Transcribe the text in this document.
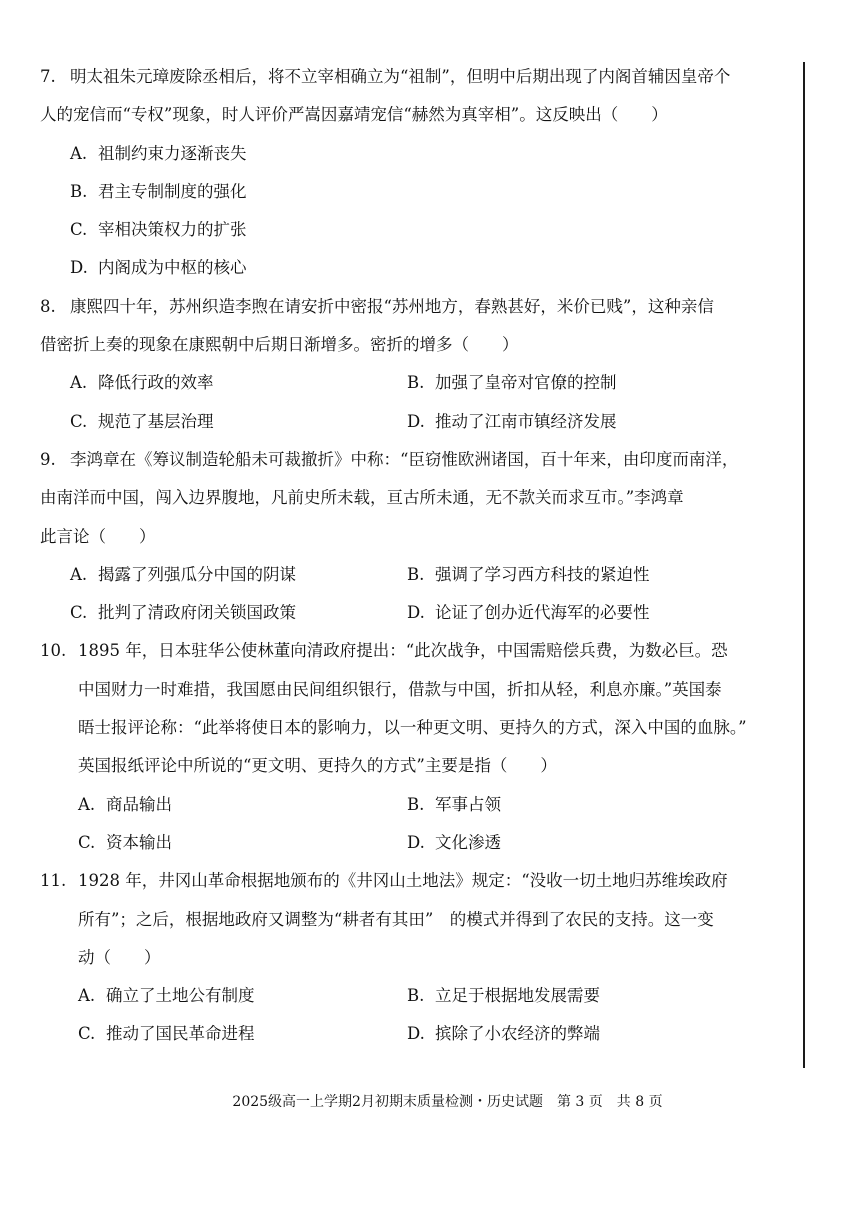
7. 明太祖朱元璋废除丞相后，将不立宰相确立为“祖制”，但明中后期出现了内阁首辅因皇帝个
人的宠信而“专权”现象，时人评价严嵩因嘉靖宠信“赫然为真宰相”。这反映出（　　）
A. 祖制约束力逐渐丧失
B. 君主专制制度的强化
C. 宰相决策权力的扩张
D. 内阁成为中枢的核心
8. 康熙四十年，苏州织造李煦在请安折中密报“苏州地方，春熟甚好，米价已贱”，这种亲信
借密折上奏的现象在康熙朝中后期日渐增多。密折的增多（　　）
A. 降低行政的效率	B. 加强了皇帝对官僚的控制
C. 规范了基层治理	D. 推动了江南市镇经济发展
9. 李鸿章在《筹议制造轮船未可裁撤折》中称：“臣窃惟欧洲诸国，百十年来，由印度而南洋，
由南洋而中国，闯入边界腹地，凡前史所未载，亘古所未通，无不款关而求互市。”李鸿章
此言论（　　）
A. 揭露了列强瓜分中国的阴谋	B. 强调了学习西方科技的紧迫性
C. 批判了清政府闭关锁国政策	D. 论证了创办近代海军的必要性
10. 1895 年，日本驻华公使林董向清政府提出：“此次战争，中国需赔偿兵费，为数必巨。恐
中国财力一时难措，我国愿由民间组织银行，借款与中国，折扣从轻，利息亦廉。”英国泰
晤士报评论称：“此举将使日本的影响力，以一种更文明、更持久的方式，深入中国的血脉。”
英国报纸评论中所说的“更文明、更持久的方式”主要是指（　　）
A. 商品输出	B. 军事占领
C. 资本输出	D. 文化渗透
11. 1928 年，井冈山革命根据地颁布的《井冈山土地法》规定：“没收一切土地归苏维埃政府
所有”；之后，根据地政府又调整为“耕者有其田”　的模式并得到了农民的支持。这一变
动（　　）
A. 确立了土地公有制度	B. 立足于根据地发展需要
C. 推动了国民革命进程	D. 摈除了小农经济的弊端
2025级高一上学期2月初期末质量检测・历史试题　第 3 页　共 8 页
